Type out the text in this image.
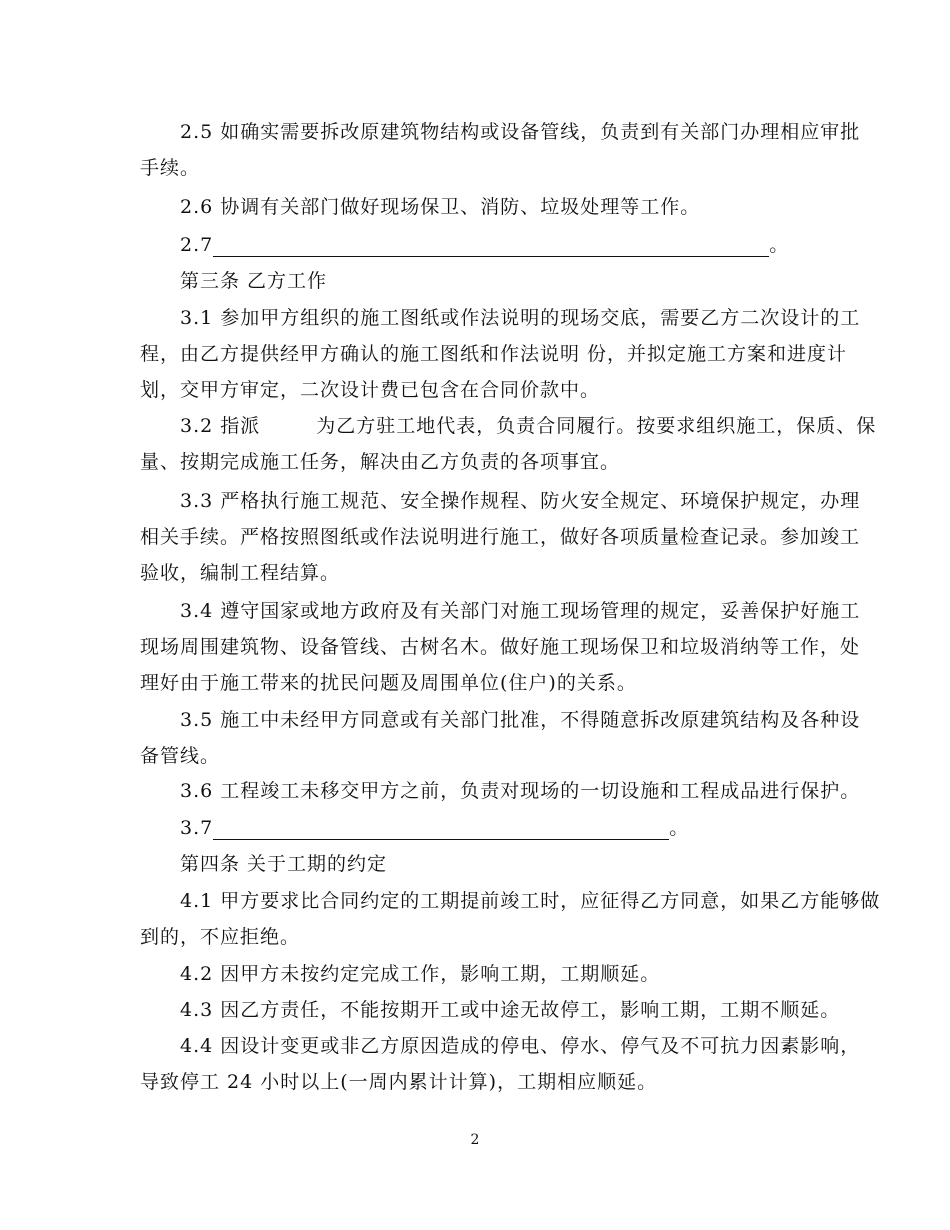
2.5 如确实需要拆改原建筑物结构或设备管线，负责到有关部门办理相应审批
手续。
2.6 协调有关部门做好现场保卫、消防、垃圾处理等工作。
2.7	。
第三条 乙方工作
3.1 参加甲方组织的施工图纸或作法说明的现场交底，需要乙方二次设计的工
程，由乙方提供经甲方确认的施工图纸和作法说明 份，并拟定施工方案和进度计
划，交甲方审定，二次设计费已包含在合同价款中。
3.2 指派	为乙方驻工地代表，负责合同履行。按要求组织施工，保质、保
量、按期完成施工任务，解决由乙方负责的各项事宜。
3.3 严格执行施工规范、安全操作规程、防火安全规定、环境保护规定，办理
相关手续。严格按照图纸或作法说明进行施工，做好各项质量检查记录。参加竣工
验收，编制工程结算。
3.4 遵守国家或地方政府及有关部门对施工现场管理的规定，妥善保护好施工
现场周围建筑物、设备管线、古树名木。做好施工现场保卫和垃圾消纳等工作，处
理好由于施工带来的扰民问题及周围单位(住户)的关系。
3.5 施工中未经甲方同意或有关部门批准，不得随意拆改原建筑结构及各种设
备管线。
3.6 工程竣工未移交甲方之前，负责对现场的一切设施和工程成品进行保护。
3.7	。
第四条 关于工期的约定
4.1 甲方要求比合同约定的工期提前竣工时，应征得乙方同意，如果乙方能够做
到的，不应拒绝。
4.2 因甲方未按约定完成工作，影响工期，工期顺延。
4.3 因乙方责任，不能按期开工或中途无故停工，影响工期，工期不顺延。
4.4 因设计变更或非乙方原因造成的停电、停水、停气及不可抗力因素影响，
导致停工 24 小时以上(一周内累计计算)，工期相应顺延。
2
